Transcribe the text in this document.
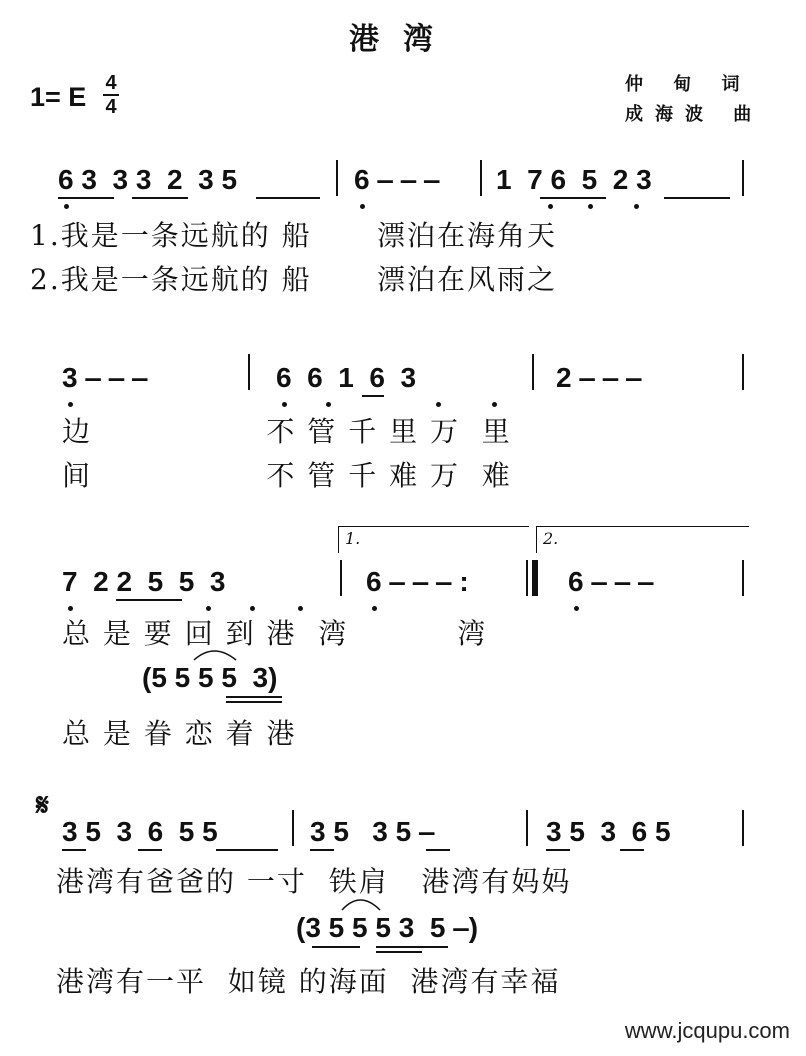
港湾
1= E 4
4
仲 甸 词
成海波 曲
6 3  3 3  2  3 5	6 ‒ ‒ ‒ 1  7 6  5  2 3
1.我是一条远航的 船      漂泊在海角天
2.我是一条远航的 船      漂泊在风雨之
3 ‒ ‒ ‒	6  6  1  6  3	2 ‒ ‒ ‒
边                不 管 千 里 万  里
间                不 管 千 难 万  难
1.	2.
7  2 2  5  5  3	6 ‒ ‒ ‒ :	6 ‒ ‒ ‒
总 是 要 回 到 港  湾          湾
(5 5 5 5  3)
总 是 眷 恋 着 港
𝄋
3 5  3  6  5 5	3 5   3 5 ‒	3 5  3  6 5
港湾有爸爸的 一寸  铁肩   港湾有妈妈
(3 5 5 5 3  5 ‒)
港湾有一平  如镜 的海面  港湾有幸福
www.jcqupu.com
